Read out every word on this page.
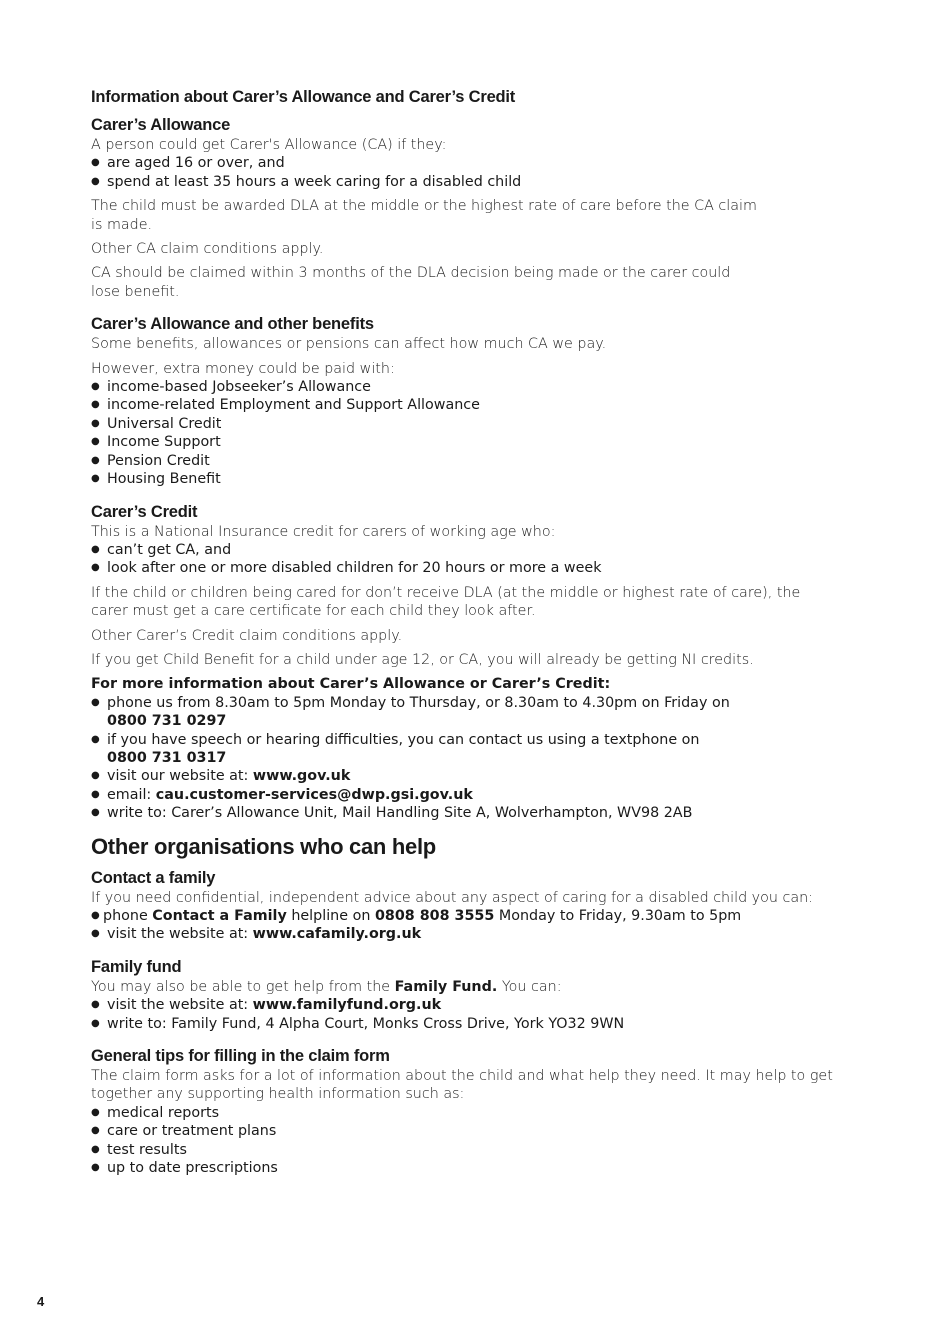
Information about Carer’s Allowance and Carer’s Credit
Carer’s Allowance

A person could get Carer's Allowance (CA) if they:

● are aged 16 or over, and
● spend at least 35 hours a week caring for a disabled child

The child must be awarded DLA at the middle or the highest rate of care before the CA claim is made.

Other CA claim conditions apply.

CA should be claimed within 3 months of the DLA decision being made or the carer could lose benefit.

Carer’s Allowance and other benefits

Some benefits, allowances or pensions can affect how much CA we pay.

However, extra money could be paid with:

● income-based Jobseeker’s Allowance
● income-related Employment and Support Allowance
● Universal Credit
● Income Support
● Pension Credit
● Housing Benefit
Carer’s Credit

This is a National Insurance credit for carers of working age who:

● can’t get CA, and
● look after one or more disabled children for 20 hours or more a week

If the child or children being cared for don’t receive DLA (at the middle or highest rate of care), the carer must get a care certificate for each child they look after.

Other Carer’s Credit claim conditions apply.

If you get Child Benefit for a child under age 12, or CA, you will already be getting NI credits.

For more information about Carer’s Allowance or Carer’s Credit:
● phone us from 8.30am to 5pm Monday to Thursday, or 8.30am to 4.30pm on Friday on
0800 731 0297
● if you have speech or hearing difficulties, you can contact us using a textphone on
0800 731 0317
● visit our website at: www.gov.uk
● email: cau.customer-services@dwp.gsi.gov.uk
● write to: Carer’s Allowance Unit, Mail Handling Site A, Wolverhampton, WV98 2AB
Other organisations who can help
Contact a family

If you need confidential, independent advice about any aspect of caring for a disabled child you can:

● phone Contact a Family helpline on 0808 808 3555 Monday to Friday, 9.30am to 5pm
● visit the website at: www.cafamily.org.uk
Family fund

You may also be able to get help from the Family Fund. You can:

● visit the website at: www.familyfund.org.uk
● write to: Family Fund, 4 Alpha Court, Monks Cross Drive, York YO32 9WN
General tips for filling in the claim form

The claim form asks for a lot of information about the child and what help they need. It may help to get together any supporting health information such as:

● medical reports
● care or treatment plans
● test results
● up to date prescriptions
4
